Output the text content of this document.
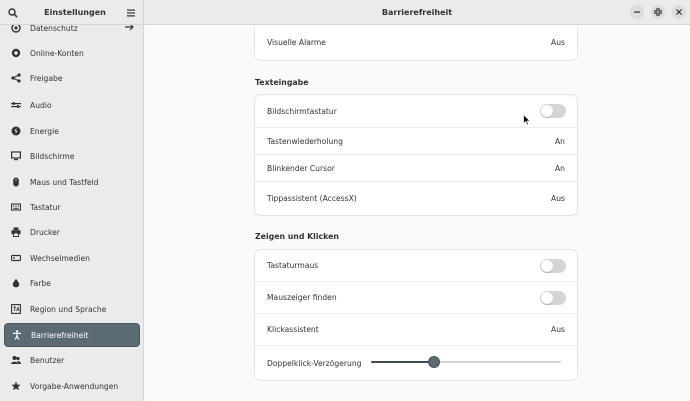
Einstellungen	Barrierefreiheit
Datenschutz
Online-Konten
Freigabe
Audio
Energie
Bildschirme
Maus und Tastfeld
Tastatur
Drucker
Wechselmedien
Farbe
Region und Sprache
Barrierefreiheit
Benutzer
Vorgabe-Anwendungen
Visuelle Alarme	Aus
Texteingabe
Bildschirmtastatur
Tastenwiederholung	An
Blinkender Cursor	An
Tippassistent (AccessX)	Aus
Zeigen und Klicken
Tastaturmaus
Mauszeiger finden
Klickassistent	Aus
Doppelklick-Verzögerung
